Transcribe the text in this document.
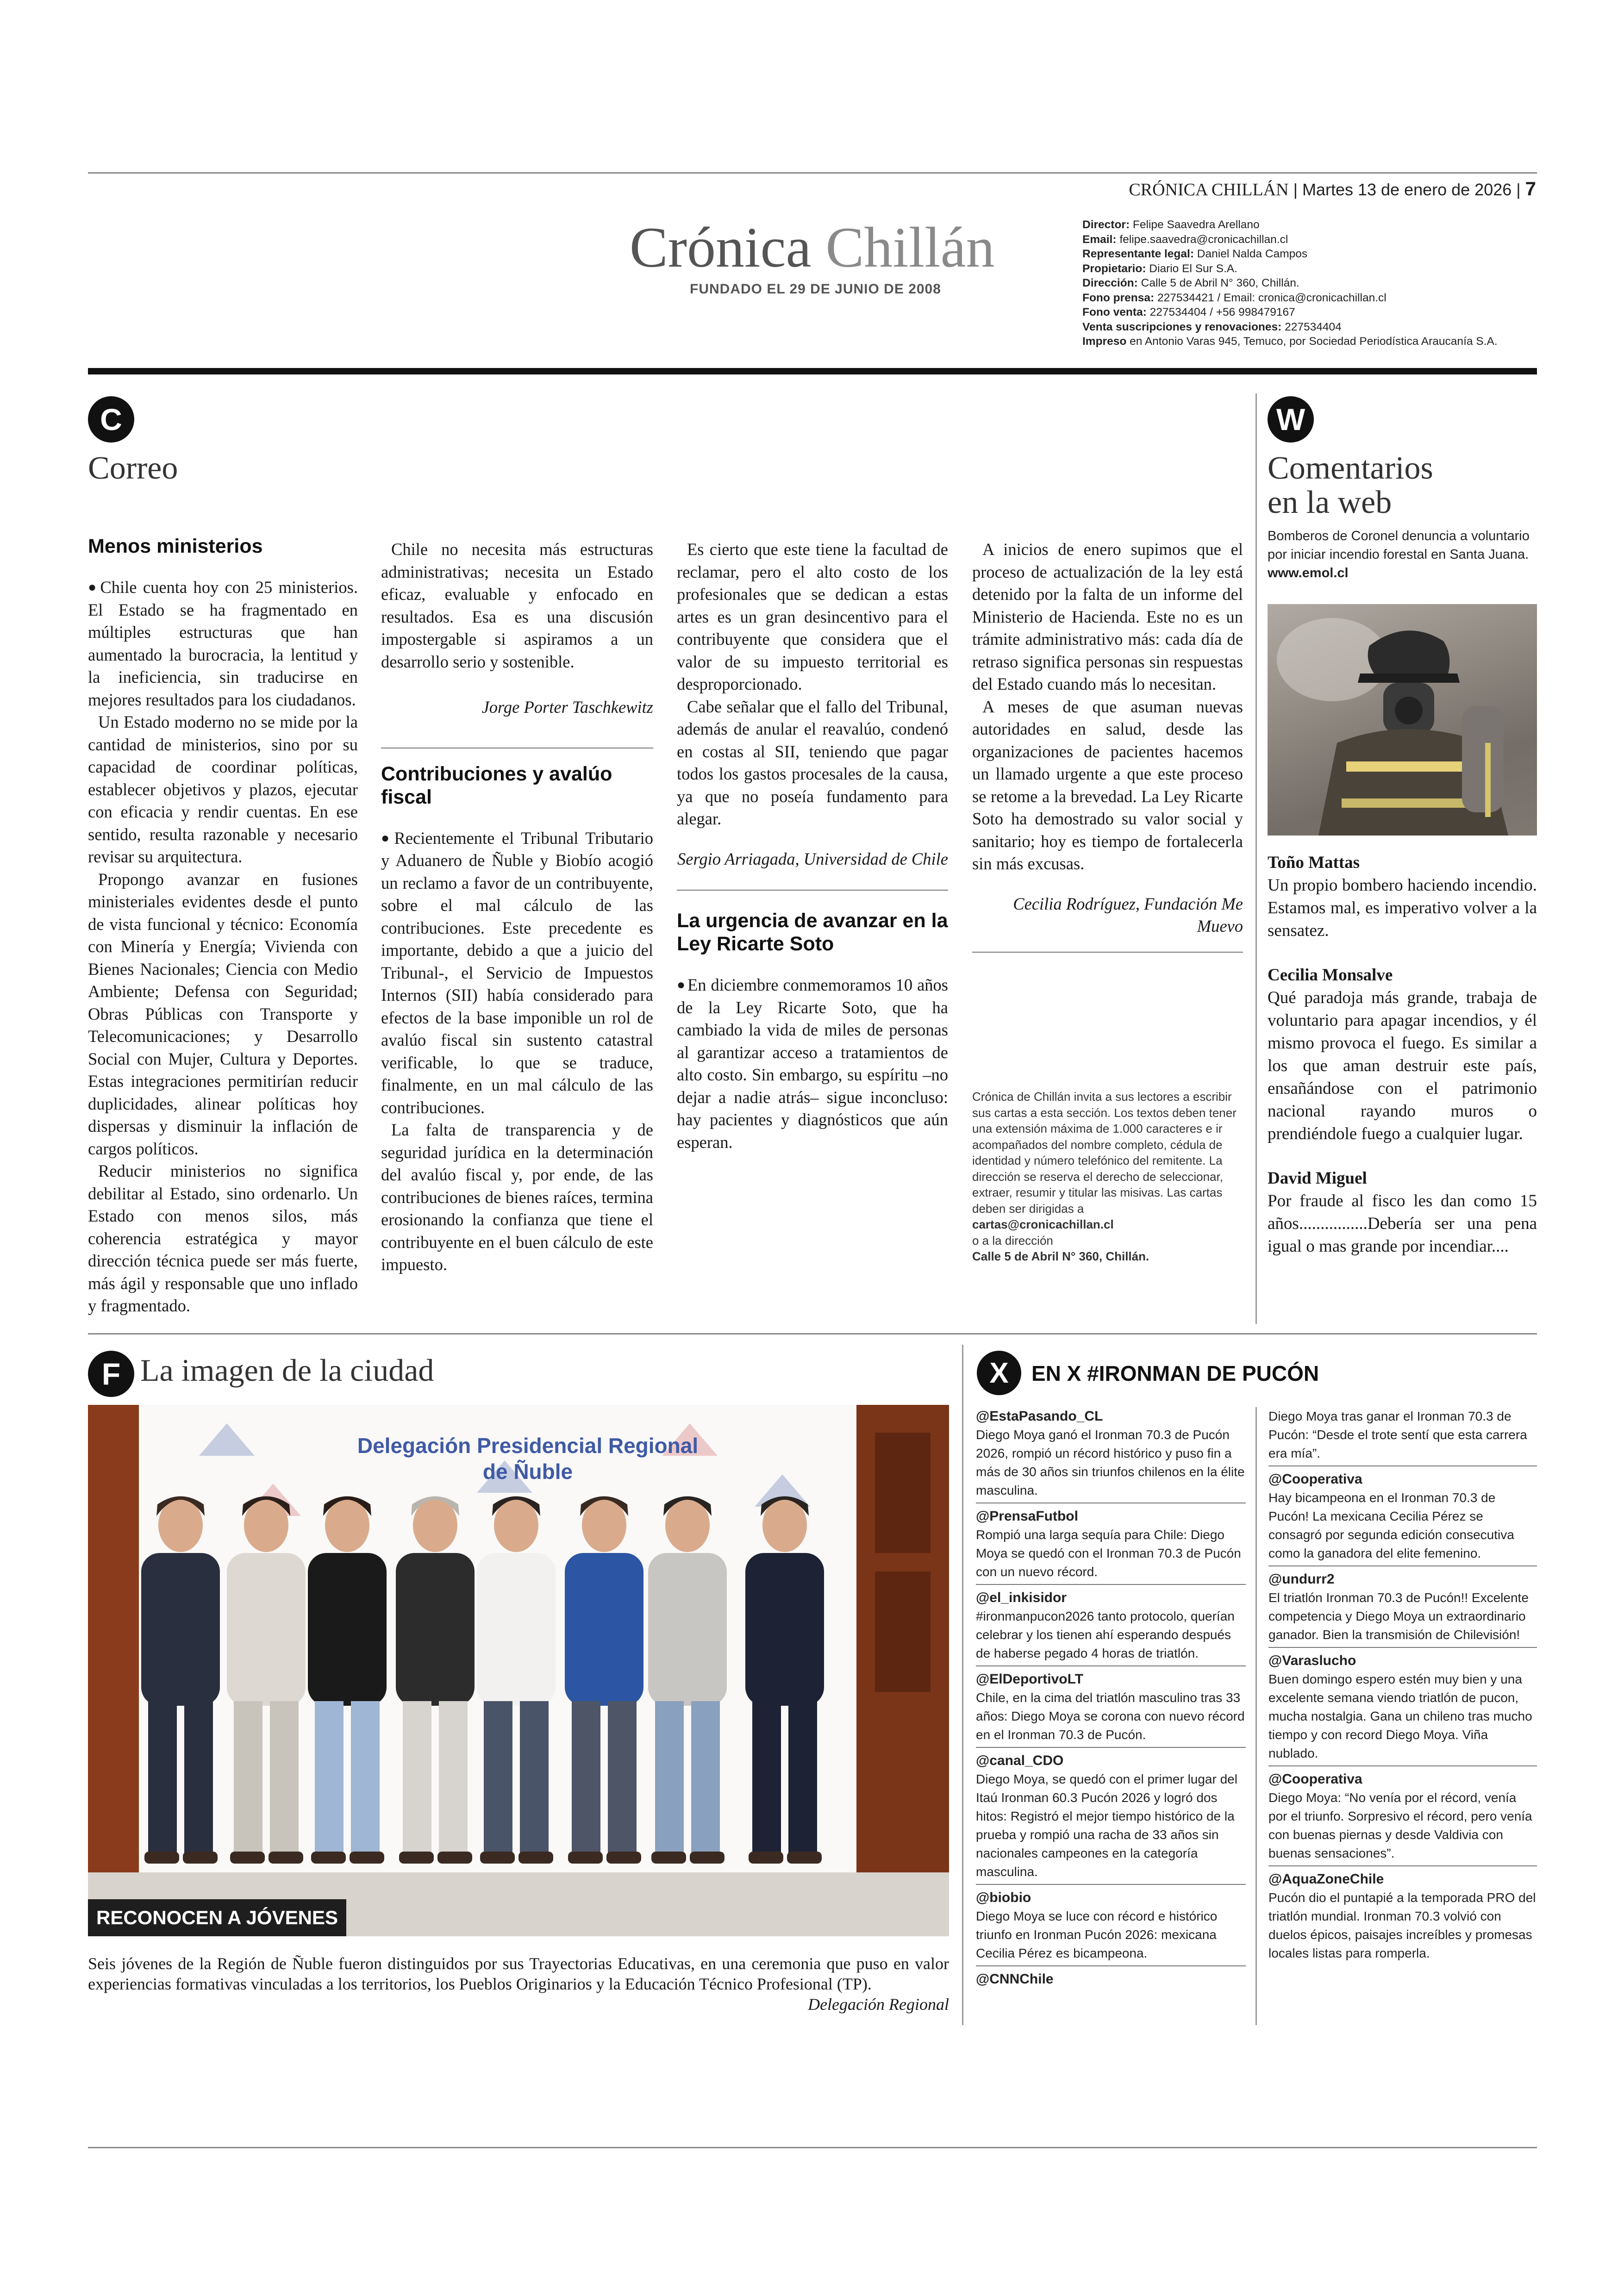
CRÓNICA CHILLÁN | Martes 13 de enero de 2026 | 7
Crónica Chillán
FUNDADO EL 29 DE JUNIO DE 2008
Director: Felipe Saavedra Arellano
Email: felipe.saavedra@cronicachillan.cl
Representante legal: Daniel Nalda Campos
Propietario: Diario El Sur S.A.
Dirección: Calle 5 de Abril N° 360, Chillán.
Fono prensa: 227534421 / Email: cronica@cronicachillan.cl
Fono venta: 227534404 / +56 998479167
Venta suscripciones y renovaciones: 227534404
Impreso en Antonio Varas 945, Temuco, por Sociedad Periodística Araucanía S.A.
C
Correo
Menos ministerios

● Chile cuenta hoy con 25 ministerios. El Estado se ha fragmentado en múltiples estructuras que han aumentado la burocracia, la lentitud y la ineficiencia, sin traducirse en mejores resultados para los ciudadanos.

Un Estado moderno no se mide por la cantidad de ministerios, sino por su capacidad de coordinar políticas, establecer objetivos y plazos, ejecutar con eficacia y rendir cuentas. En ese sentido, resulta razonable y necesario revisar su arquitectura.

Propongo avanzar en fusiones ministeriales evidentes desde el punto de vista funcional y técnico: Economía con Minería y Energía; Vivienda con Bienes Nacionales; Ciencia con Medio Ambiente; Defensa con Seguridad; Obras Públicas con Transporte y Telecomunicaciones; y Desarrollo Social con Mujer, Cultura y Deportes. Estas integraciones permitirían reducir duplicidades, alinear políticas hoy dispersas y disminuir la inflación de cargos políticos.

Reducir ministerios no significa debilitar al Estado, sino ordenarlo. Un Estado con menos silos, más coherencia estratégica y mayor dirección técnica puede ser más fuerte, más ágil y responsable que uno inflado y fragmentado.

Chile no necesita más estructuras administrativas; necesita un Estado eficaz, evaluable y enfocado en resultados. Esa es una discusión impostergable si aspiramos a un desarrollo serio y sostenible.

Jorge Porter Taschkewitz

Contribuciones y avalúo fiscal

● Recientemente el Tribunal Tributario y Aduanero de Ñuble y Biobío acogió un reclamo a favor de un contribuyente, sobre el mal cálculo de las contribuciones. Este precedente es importante, debido a que a juicio del Tribunal-, el Servicio de Impuestos Internos (SII) había considerado para efectos de la base imponible un rol de avalúo fiscal sin sustento catastral verificable, lo que se traduce, finalmente, en un mal cálculo de las contribuciones.

La falta de transparencia y de seguridad jurídica en la determinación del avalúo fiscal y, por ende, de las contribuciones de bienes raíces, termina erosionando la confianza que tiene el contribuyente en el buen cálculo de este impuesto.

Es cierto que este tiene la facultad de reclamar, pero el alto costo de los profesionales que se dedican a estas artes es un gran desincentivo para el contribuyente que considera que el valor de su impuesto territorial es desproporcionado.

Cabe señalar que el fallo del Tribunal, además de anular el reavalúo, condenó en costas al SII, teniendo que pagar todos los gastos procesales de la causa, ya que no poseía fundamento para alegar.

Sergio Arriagada, Universidad de Chile

La urgencia de avanzar en la Ley Ricarte Soto

● En diciembre conmemoramos 10 años de la Ley Ricarte Soto, que ha cambiado la vida de miles de personas al garantizar acceso a tratamientos de alto costo. Sin embargo, su espíritu –no dejar a nadie atrás– sigue inconcluso: hay pacientes y diagnósticos que aún esperan.

A inicios de enero supimos que el proceso de actualización de la ley está detenido por la falta de un informe del Ministerio de Hacienda. Este no es un trámite administrativo más: cada día de retraso significa personas sin respuestas del Estado cuando más lo necesitan.

A meses de que asuman nuevas autoridades en salud, desde las organizaciones de pacientes hacemos un llamado urgente a que este proceso se retome a la brevedad. La Ley Ricarte Soto ha demostrado su valor social y sanitario; hoy es tiempo de fortalecerla sin más excusas.

Cecilia Rodríguez, Fundación Me Muevo

Crónica de Chillán invita a sus lectores a escribir sus cartas a esta sección. Los textos deben tener una extensión máxima de 1.000 caracteres e ir acompañados del nombre completo, cédula de identidad y número telefónico del remitente. La dirección se reserva el derecho de seleccionar, extraer, resumir y titular las misivas. Las cartas deben ser dirigidas a
cartas@cronicachillan.cl
o a la dirección
Calle 5 de Abril N° 360, Chillán.
W
Comentarios
en la web
Bomberos de Coronel denuncia a voluntario por iniciar incendio forestal en Santa Juana. www.emol.cl
Toño Mattas
Un propio bombero haciendo incendio. Estamos mal, es imperativo volver a la sensatez.
Cecilia Monsalve
Qué paradoja más grande, trabaja de voluntario para apagar incendios, y él mismo provoca el fuego. Es similar a los que aman destruir este país, ensañándose con el patrimonio nacional rayando muros o prendiéndole fuego a cualquier lugar.
David Miguel
Por fraude al fisco les dan como 15 años................Debería ser una pena igual o mas grande por incendiar....
F La imagen de la ciudad
Delegación Presidencial Regional de Ñuble
RECONOCEN A JÓVENES
Seis jóvenes de la Región de Ñuble fueron distinguidos por sus Trayectorias Educativas, en una ceremonia que puso en valor experiencias formativas vinculadas a los territorios, los Pueblos Originarios y la Educación Técnico Profesional (TP).
Delegación Regional
X	EN X #IRONMAN DE PUCÓN
@EstaPasando_CL
Diego Moya ganó el Ironman 70.3 de Pucón 2026, rompió un récord histórico y puso fin a más de 30 años sin triunfos chilenos en la élite masculina.
@PrensaFutbol
Rompió una larga sequía para Chile: Diego Moya se quedó con el Ironman 70.3 de Pucón con un nuevo récord.
@el_inkisidor
#ironmanpucon2026 tanto protocolo, querían celebrar y los tienen ahí esperando después de haberse pegado 4 horas de triatlón.
@ElDeportivoLT
Chile, en la cima del triatlón masculino tras 33 años: Diego Moya se corona con nuevo récord en el Ironman 70.3 de Pucón.
@canal_CDO
Diego Moya, se quedó con el primer lugar del Itaú Ironman 60.3 Pucón 2026 y logró dos hitos: Registró el mejor tiempo histórico de la prueba y rompió una racha de 33 años sin nacionales campeones en la categoría masculina.
@biobio
Diego Moya se luce con récord e histórico triunfo en Ironman Pucón 2026: mexicana Cecilia Pérez es bicampeona.
@CNNChile
Diego Moya tras ganar el Ironman 70.3 de Pucón: “Desde el trote sentí que esta carrera era mía”.
@Cooperativa
Hay bicampeona en el Ironman 70.3 de Pucón! La mexicana Cecilia Pérez se consagró por segunda edición consecutiva como la ganadora del elite femenino.
@undurr2
El triatlón Ironman 70.3 de Pucón!! Excelente competencia y Diego Moya un extraordinario ganador. Bien la transmisión de Chilevisión!
@Varaslucho
Buen domingo espero estén muy bien y una excelente semana viendo triatlón de pucon, mucha nostalgia. Gana un chileno tras mucho tiempo y con record Diego Moya. Viña nublado.
@Cooperativa
Diego Moya: “No venía por el récord, venía por el triunfo. Sorpresivo el récord, pero venía con buenas piernas y desde Valdivia con buenas sensaciones”.
@AquaZoneChile
Pucón dio el puntapié a la temporada PRO del triatlón mundial. Ironman 70.3 volvió con duelos épicos, paisajes increíbles y promesas locales listas para romperla.
